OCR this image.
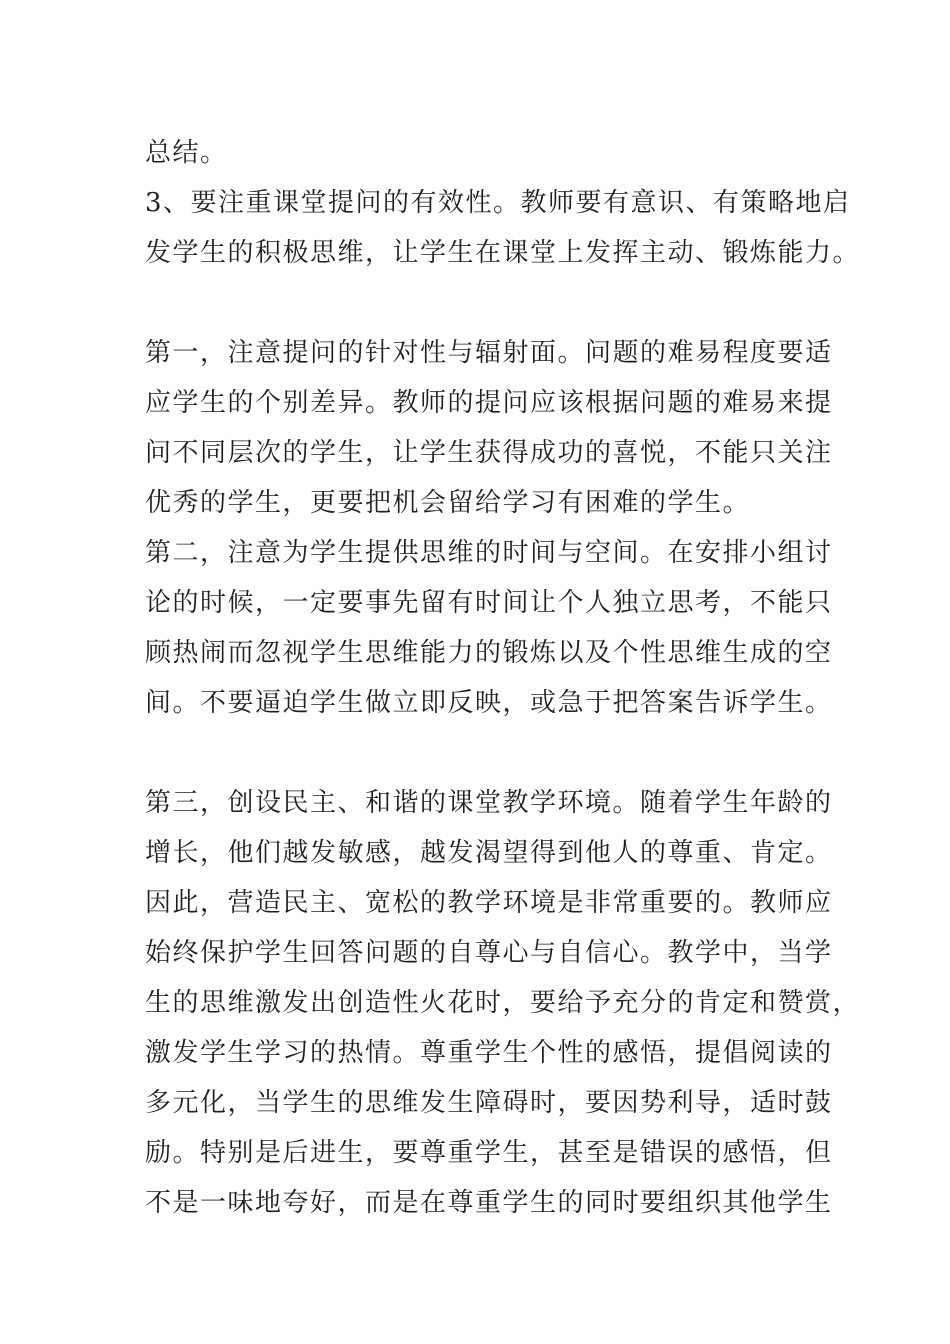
总结。
3、要注重课堂提问的有效性。教师要有意识、有策略地启
发学生的积极思维，让学生在课堂上发挥主动、锻炼能力。
第一，注意提问的针对性与辐射面。问题的难易程度要适
应学生的个别差异。教师的提问应该根据问题的难易来提
问不同层次的学生，让学生获得成功的喜悦，不能只关注
优秀的学生，更要把机会留给学习有困难的学生。
第二，注意为学生提供思维的时间与空间。在安排小组讨
论的时候，一定要事先留有时间让个人独立思考，不能只
顾热闹而忽视学生思维能力的锻炼以及个性思维生成的空
间。不要逼迫学生做立即反映，或急于把答案告诉学生。
第三，创设民主、和谐的课堂教学环境。随着学生年龄的
增长，他们越发敏感，越发渴望得到他人的尊重、肯定。
因此，营造民主、宽松的教学环境是非常重要的。教师应
始终保护学生回答问题的自尊心与自信心。教学中，当学
生的思维激发出创造性火花时，要给予充分的肯定和赞赏，
激发学生学习的热情。尊重学生个性的感悟，提倡阅读的
多元化，当学生的思维发生障碍时，要因势利导，适时鼓
励。特别是后进生，要尊重学生，甚至是错误的感悟，但
不是一味地夸好，而是在尊重学生的同时要组织其他学生
